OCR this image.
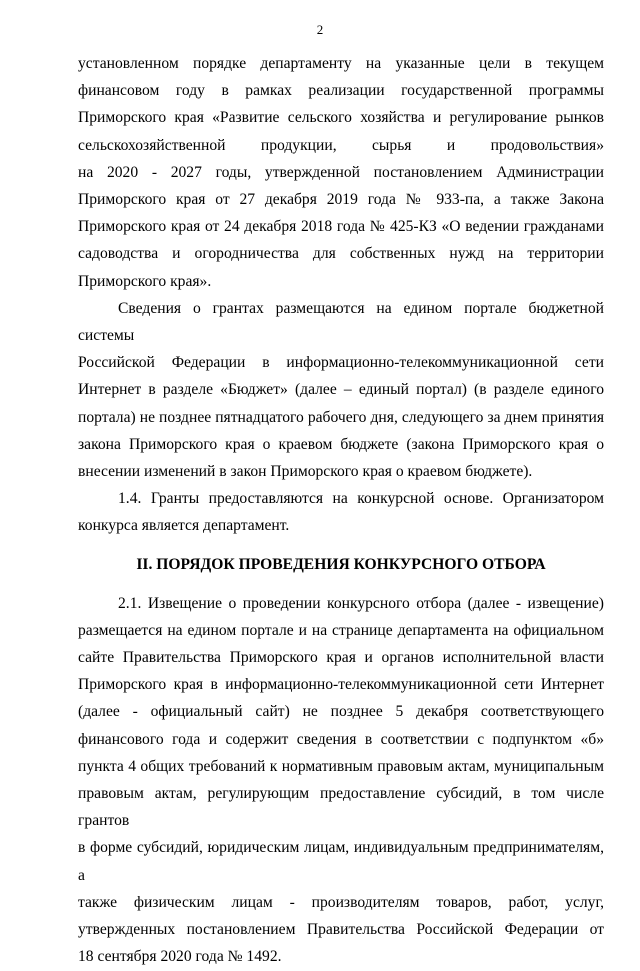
2
установленном порядке департаменту на указанные цели в текущем
финансовом году в рамках реализации государственной программы
Приморского края «Развитие сельского хозяйства и регулирование рынков
сельскохозяйственной продукции, сырья и продовольствия»
на 2020 - 2027 годы, утвержденной постановлением Администрации
Приморского края от 27 декабря 2019 года № 933-па, а также Закона
Приморского края от 24 декабря 2018 года № 425-КЗ «О ведении гражданами
садоводства и огородничества для собственных нужд на территории
Приморского края».
Сведения о грантах размещаются на едином портале бюджетной системы
Российской Федерации в информационно-телекоммуникационной сети
Интернет в разделе «Бюджет» (далее – единый портал) (в разделе единого
портала) не позднее пятнадцатого рабочего дня, следующего за днем принятия
закона Приморского края о краевом бюджете (закона Приморского края о
внесении изменений в закон Приморского края о краевом бюджете).
1.4. Гранты предоставляются на конкурсной основе. Организатором
конкурса является департамент.
II. ПОРЯДОК ПРОВЕДЕНИЯ КОНКУРСНОГО ОТБОРА
2.1. Извещение о проведении конкурсного отбора (далее - извещение)
размещается на едином портале и на странице департамента на официальном
сайте Правительства Приморского края и органов исполнительной власти
Приморского края в информационно-телекоммуникационной сети Интернет
(далее - официальный сайт) не позднее 5 декабря соответствующего
финансового года и содержит сведения в соответствии с подпунктом «б»
пункта 4 общих требований к нормативным правовым актам, муниципальным
правовым актам, регулирующим предоставление субсидий, в том числе грантов
в форме субсидий, юридическим лицам, индивидуальным предпринимателям, а
также физическим лицам - производителям товаров, работ, услуг,
утвержденных постановлением Правительства Российской Федерации от
18 сентября 2020 года № 1492.
